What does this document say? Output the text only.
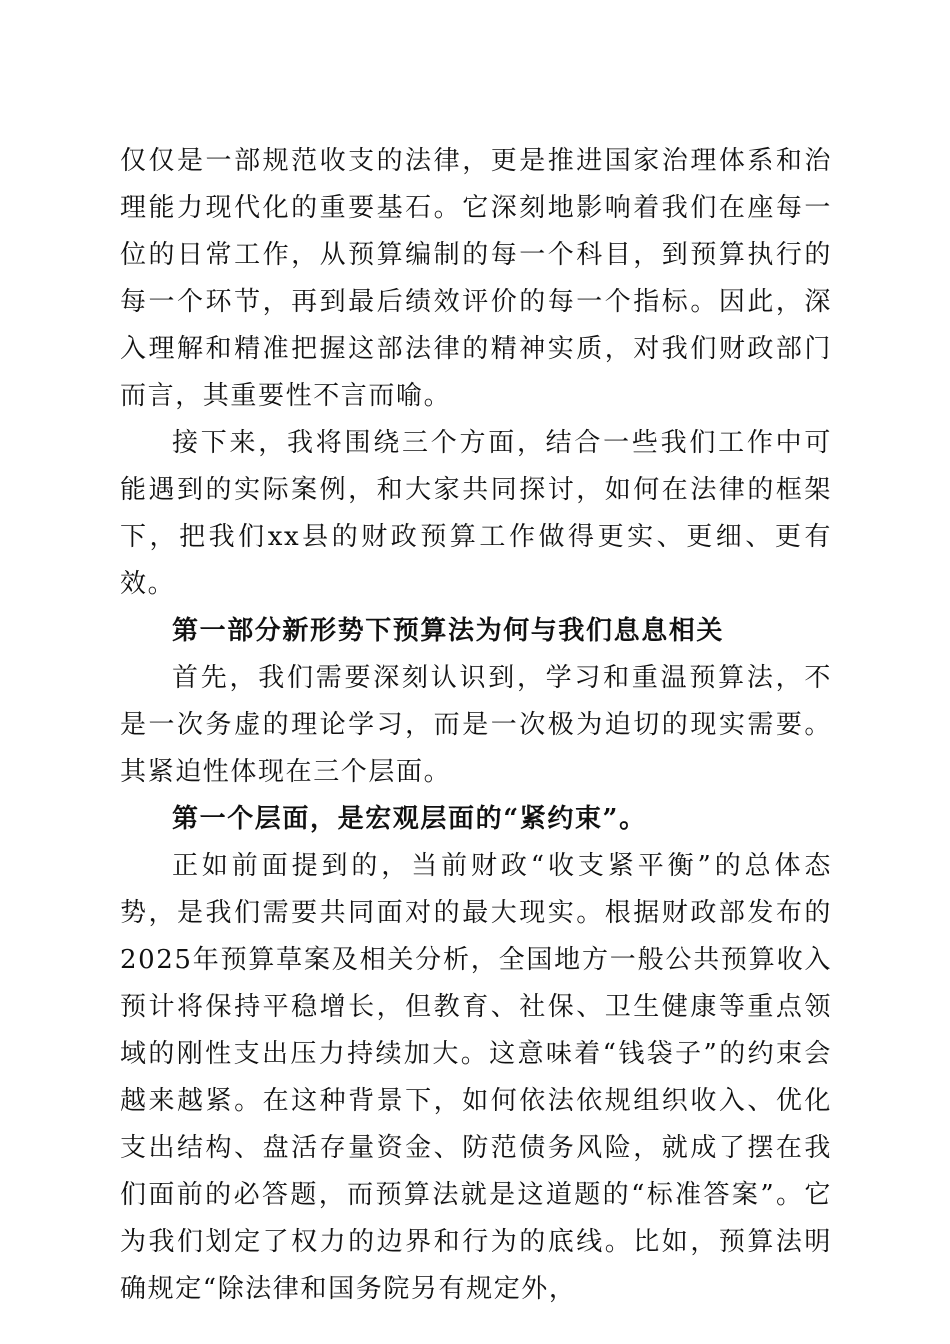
仅仅是一部规范收支的法律，更是推进国家治理体系和治理能力现代化的重要基石。它深刻地影响着我们在座每一位的日常工作，从预算编制的每一个科目，到预算执行的每一个环节，再到最后绩效评价的每一个指标。因此，深入理解和精准把握这部法律的精神实质，对我们财政部门而言，其重要性不言而喻。

接下来，我将围绕三个方面，结合一些我们工作中可能遇到的实际案例，和大家共同探讨，如何在法律的框架下，把我们xx县的财政预算工作做得更实、更细、更有效。

第一部分新形势下预算法为何与我们息息相关

首先，我们需要深刻认识到，学习和重温预算法，不是一次务虚的理论学习，而是一次极为迫切的现实需要。其紧迫性体现在三个层面。

第一个层面，是宏观层面的“紧约束”。

正如前面提到的，当前财政“收支紧平衡”的总体态势，是我们需要共同面对的最大现实。根据财政部发布的2025年预算草案及相关分析，全国地方一般公共预算收入预计将保持平稳增长，但教育、社保、卫生健康等重点领域的刚性支出压力持续加大。这意味着“钱袋子”的约束会越来越紧。在这种背景下，如何依法依规组织收入、优化支出结构、盘活存量资金、防范债务风险，就成了摆在我们面前的必答题，而预算法就是这道题的“标准答案”。它为我们划定了权力的边界和行为的底线。比如，预算法明确规定“除法律和国务院另有规定外，
